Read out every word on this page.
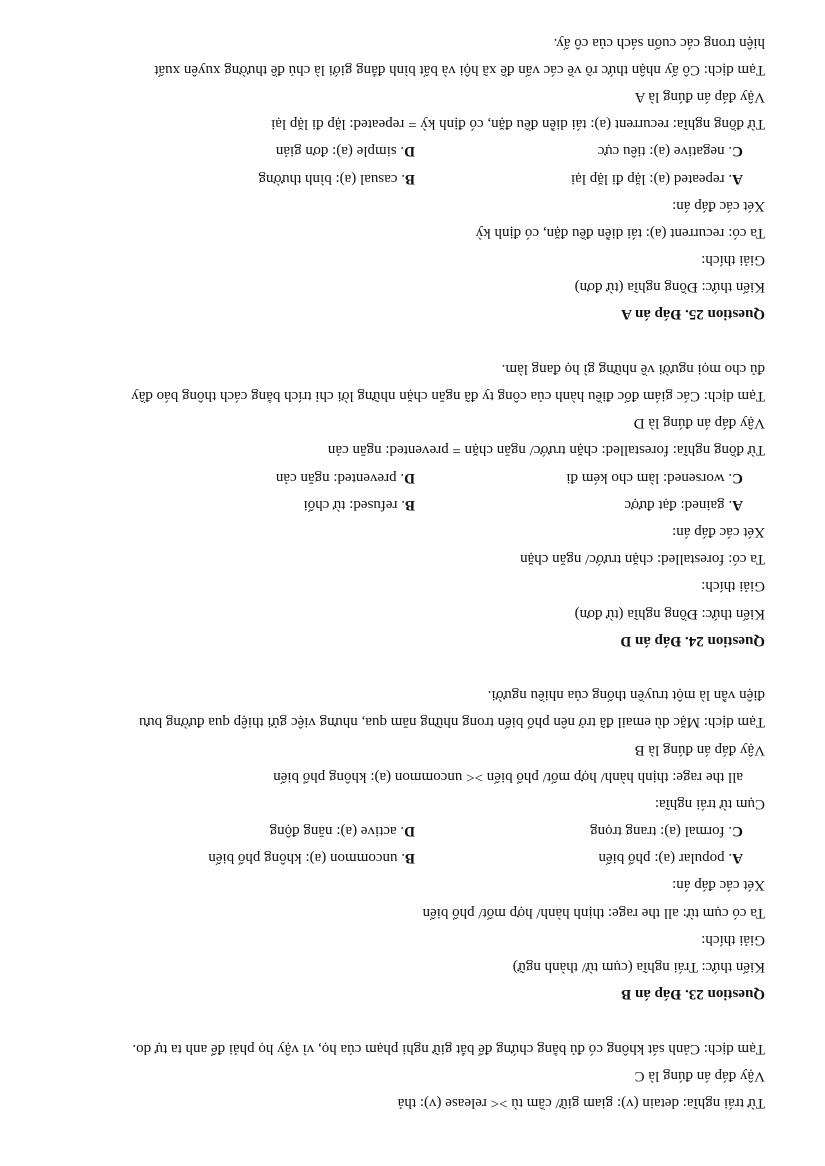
Từ trái nghĩa: detain (v): giam giữ/ cầm tù >< release (v): thả
Vậy đáp án đúng là C
Tạm dịch: Cảnh sát không có đủ bằng chứng để bắt giữ nghi phạm của họ, vì vậy họ phải để anh ta tự do.
Question 23. Đáp án B
Kiến thức: Trái nghĩa (cụm từ/ thành ngữ)
Giải thích:
Ta có cụm từ: all the rage: thịnh hành/ hợp mốt/ phổ biến
Xét các đáp án:
A. popular (a): phổ biến
B. uncommon (a): không phổ biến
C. formal (a): trang trọng
D. active (a): năng động
Cụm từ trái nghĩa:
all the rage: thịnh hành/ hợp mốt/ phổ biến >< uncommon (a): không phổ biến
Vậy đáp án đúng là B
Tạm dịch: Mặc dù email đã trở nên phổ biến trong những năm qua, nhưng việc gửi thiệp qua đường bưu
điện vẫn là một truyền thống của nhiều người.
Question 24. Đáp án D
Kiến thức: Đồng nghĩa (từ đơn)
Giải thích:
Ta có: forestalled: chặn trước/ ngăn chặn
Xét các đáp án:
A. gained: đạt được
B. refused: từ chối
C. worsened: làm cho kém đi
D. prevented: ngăn cản
Từ đồng nghĩa: forestalled: chặn trước/ ngăn chặn = prevented: ngăn cản
Vậy đáp án đúng là D
Tạm dịch: Các giám đốc điều hành của công ty đã ngăn chặn những lời chỉ trích bằng cách thông báo đầy
đủ cho mọi người về những gì họ đang làm.
Question 25. Đáp án A
Kiến thức: Đồng nghĩa (từ đơn)
Giải thích:
Ta có: recurrent (a): tái diễn đều đặn, có định kỳ
Xét các đáp án:
A. repeated (a): lặp đi lặp lại
B. casual (a): bình thường
C. negative (a): tiêu cực
D. simple (a): đơn giản
Từ đồng nghĩa: recurrent (a): tái diễn đều đặn, có định kỳ = repeated: lặp đi lặp lại
Vậy đáp án đúng là A
Tạm dịch: Cô ấy nhận thức rõ về các vấn đề xã hội và bất bình đẳng giới là chủ đề thường xuyên xuất
hiện trong các cuốn sách của cô ấy.
